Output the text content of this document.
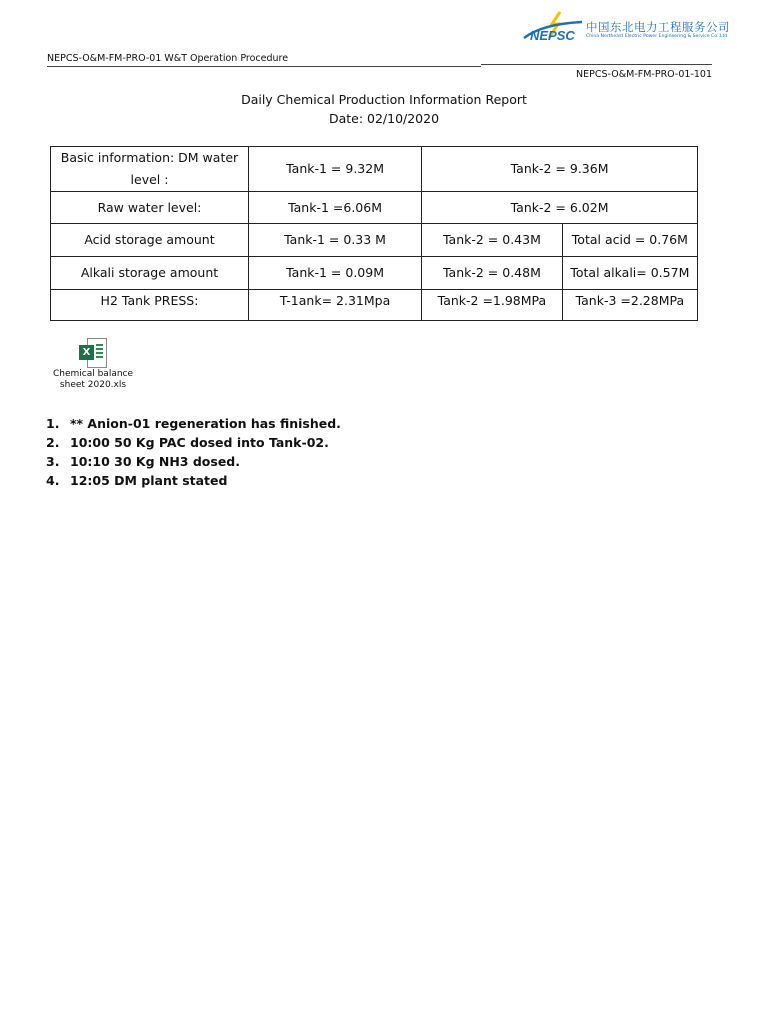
NEPSC
中国东北电力工程服务公司
China Northeast Electric Power Engineering & Service Co.,Ltd
NEPCS-O&M-FM-PRO-01 W&T Operation Procedure
NEPCS-O&M-FM-PRO-01-101
Daily Chemical Production Information Report
Date: 02/10/2020
Basic information: DM water level :	Tank-1 = 9.32M	Tank-2 = 9.36M	
Raw water level:	Tank-1 =6.06M	Tank-2 = 6.02M	
Acid storage amount	Tank-1 = 0.33 M	Tank-2 = 0.43M	Total acid = 0.76M
Alkali storage amount	Tank-1 = 0.09M	Tank-2 = 0.48M	Total alkali= 0.57M
H2 Tank PRESS:	T-1ank= 2.31Mpa	Tank-2 =1.98MPa	Tank-3 =2.28MPa
X
Chemical balance sheet 2020.xls
1. ** Anion-01 regeneration has finished.
2. 10:00 50 Kg PAC dosed into Tank-02.
3. 10:10 30 Kg NH3 dosed.
4. 12:05 DM plant stated
